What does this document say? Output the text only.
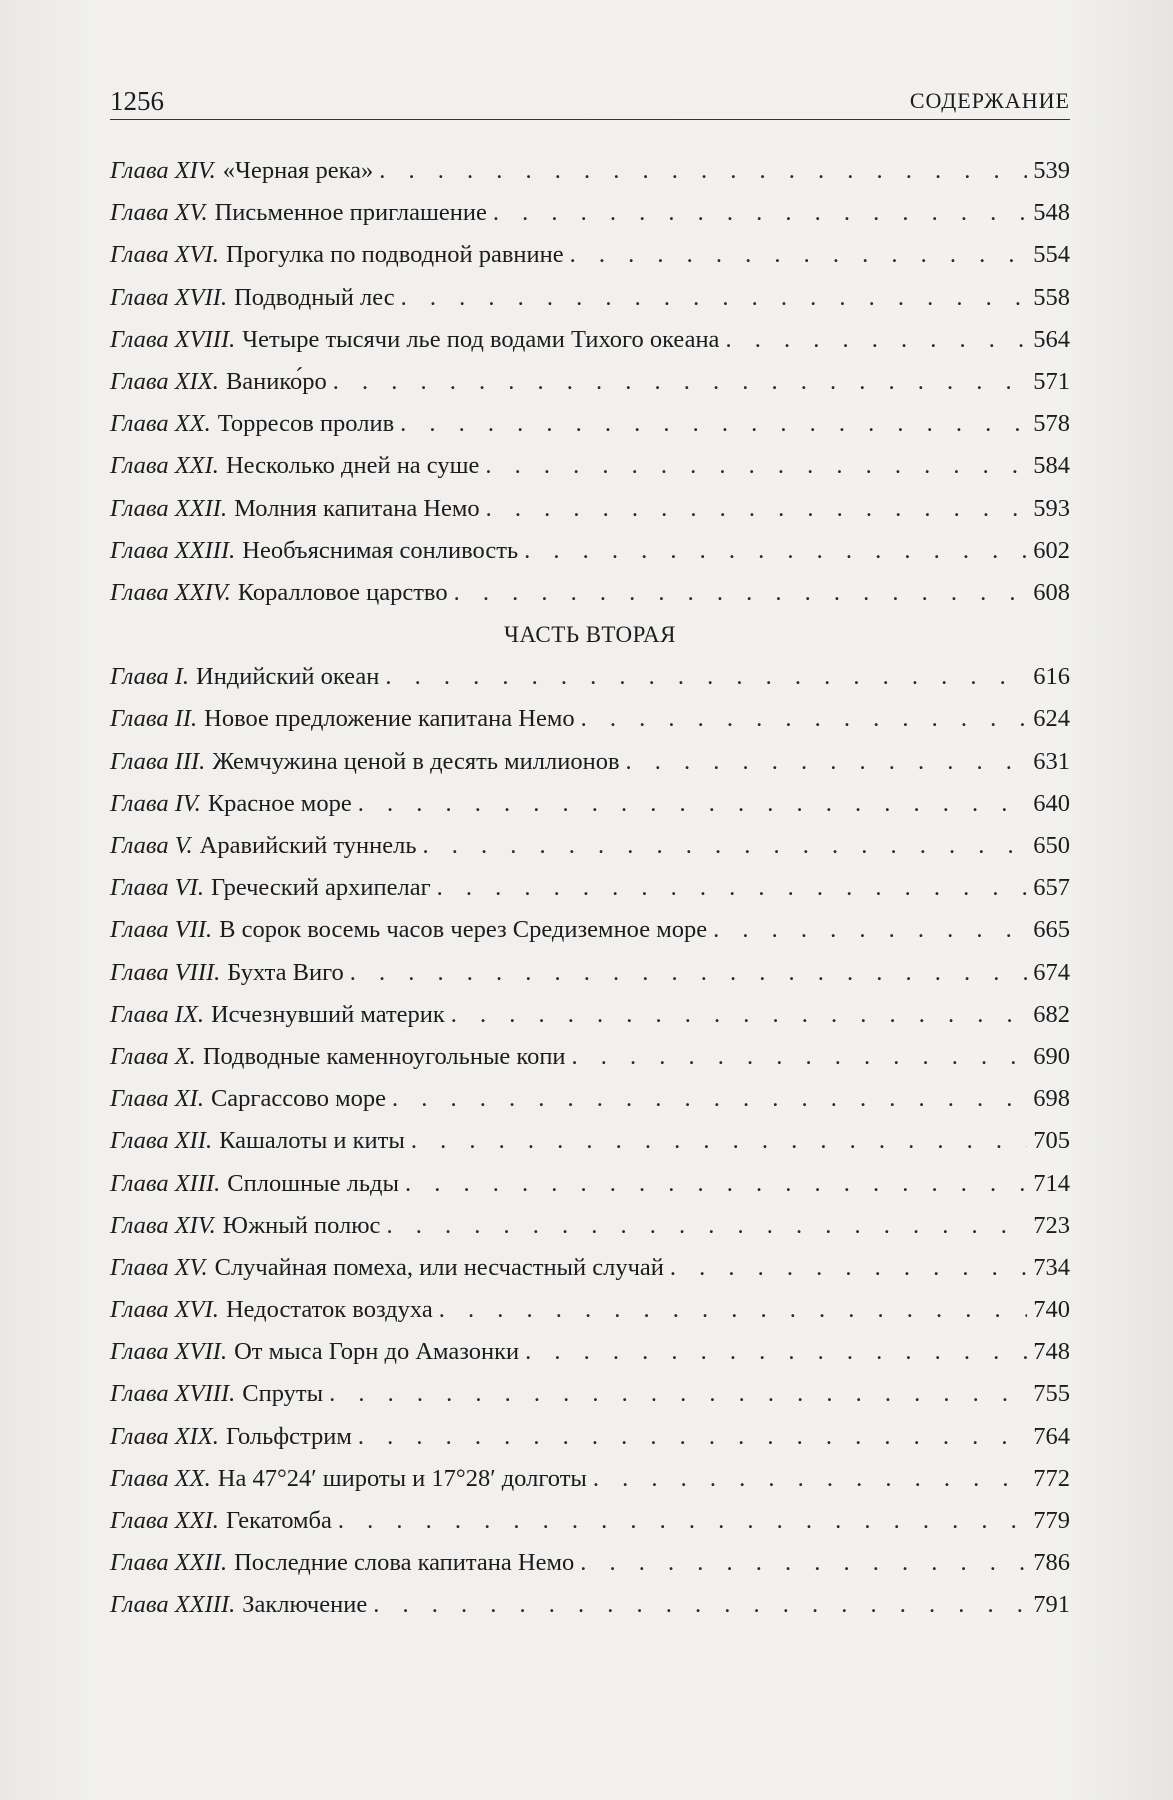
1256	СОДЕРЖАНИЕ
Глава XIV. «Черная река» . . .	539
Глава XV. Письменное приглашение . . .	548
Глава XVI. Прогулка по подводной равнине . . .	554
Глава XVII. Подводный лес . . .	558
Глава XVIII. Четыре тысячи лье под водами Тихого океана . . .	564
Глава XIX. Ванико́ро . . .	571
Глава XX. Торресов пролив . . .	578
Глава XXI. Несколько дней на суше . . .	584
Глава XXII. Молния капитана Немо . . .	593
Глава XXIII. Необъяснимая сонливость . . .	602
Глава XXIV. Коралловое царство . . .	608
ЧАСТЬ ВТОРАЯ
Глава I. Индийский океан . . .	616
Глава II. Новое предложение капитана Немо . . .	624
Глава III. Жемчужина ценой в десять миллионов . . .	631
Глава IV. Красное море . . .	640
Глава V. Аравийский туннель . . .	650
Глава VI. Греческий архипелаг . . .	657
Глава VII. В сорок восемь часов через Средиземное море . . .	665
Глава VIII. Бухта Виго . . .	674
Глава IX. Исчезнувший материк . . .	682
Глава X. Подводные каменноугольные копи . . .	690
Глава XI. Саргассово море . . .	698
Глава XII. Кашалоты и киты . . .	705
Глава XIII. Сплошные льды . . .	714
Глава XIV. Южный полюс . . .	723
Глава XV. Случайная помеха, или несчастный случай . . .	734
Глава XVI. Недостаток воздуха . . .	740
Глава XVII. От мыса Горн до Амазонки . . .	748
Глава XVIII. Спруты . . .	755
Глава XIX. Гольфстрим . . .	764
Глава XX. На 47°24′ широты и 17°28′ долготы . . .	772
Глава XXI. Гекатомба . . .	779
Глава XXII. Последние слова капитана Немо . . .	786
Глава XXIII. Заключение . . .	791
